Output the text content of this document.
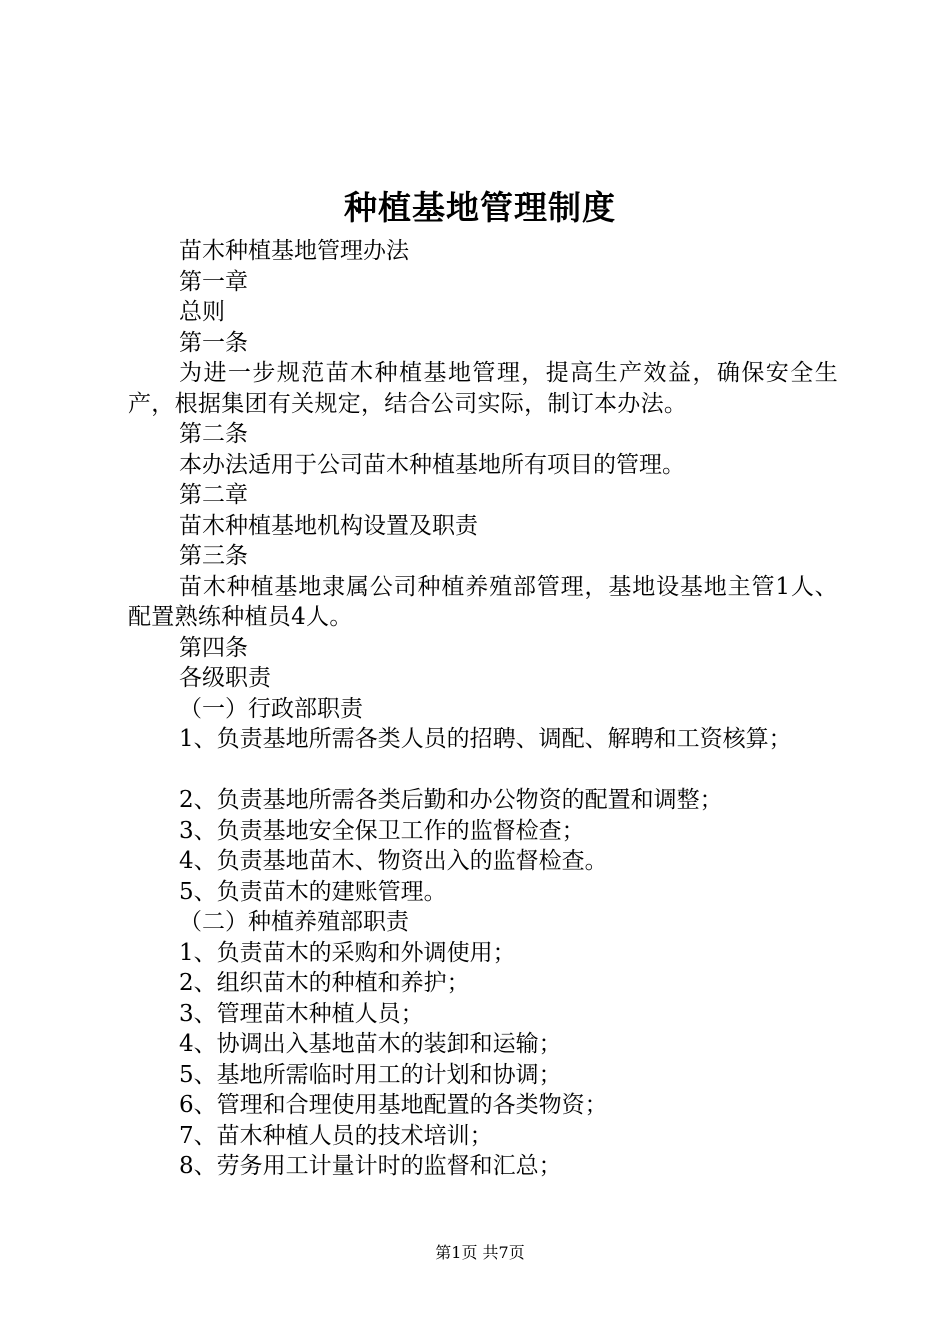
种植基地管理制度

苗木种植基地管理办法

第一章

总则

第一条

为进一步规范苗木种植基地管理，提高生产效益，确保安全生产，根据集团有关规定，结合公司实际，制订本办法。

第二条

本办法适用于公司苗木种植基地所有项目的管理。

第二章

苗木种植基地机构设置及职责

第三条

苗木种植基地隶属公司种植养殖部管理，基地设基地主管1人、配置熟练种植员4人。

第四条

各级职责

（一）行政部职责

1、负责基地所需各类人员的招聘、调配、解聘和工资核算；

2、负责基地所需各类后勤和办公物资的配置和调整；

3、负责基地安全保卫工作的监督检查；

4、负责基地苗木、物资出入的监督检查。

5、负责苗木的建账管理。

（二）种植养殖部职责

1、负责苗木的采购和外调使用；

2、组织苗木的种植和养护；

3、管理苗木种植人员；

4、协调出入基地苗木的装卸和运输；

5、基地所需临时用工的计划和协调；

6、管理和合理使用基地配置的各类物资；

7、苗木种植人员的技术培训；

8、劳务用工计量计时的监督和汇总；

第1页 共7页
